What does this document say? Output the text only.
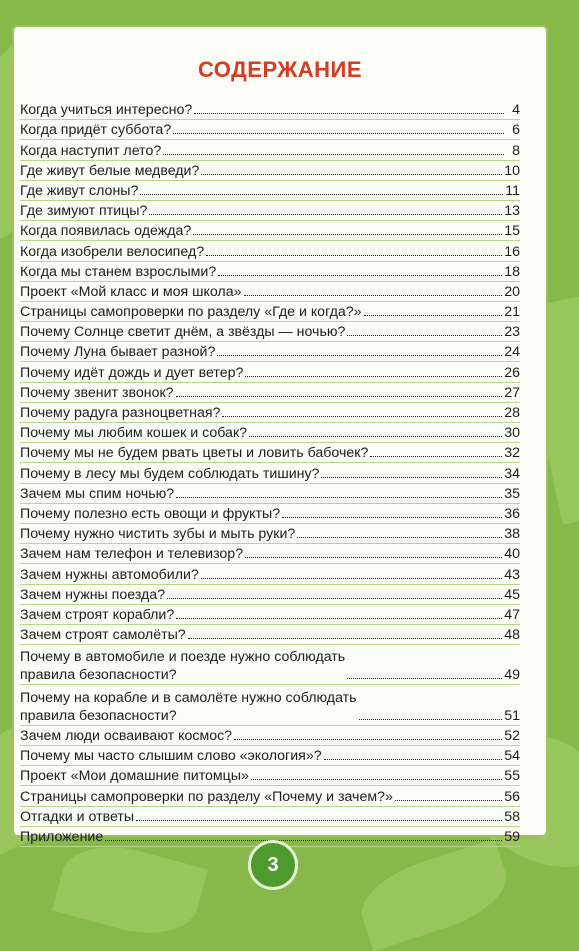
СОДЕРЖАНИЕ
Когда учиться интересно?	4
Когда придёт суббота?	6
Когда наступит лето?	8
Где живут белые медведи?	10
Где живут слоны?	11
Где зимуют птицы?	13
Когда появилась одежда?	15
Когда изобрели велосипед?	16
Когда мы станем взрослыми?	18
Проект «Мой класс и моя школа»	20
Страницы самопроверки по разделу «Где и когда?»	21
Почему Солнце светит днём, а звёзды — ночью?	23
Почему Луна бывает разной?	24
Почему идёт дождь и дует ветер?	26
Почему звенит звонок?	27
Почему радуга разноцветная?	28
Почему мы любим кошек и собак?	30
Почему мы не будем рвать цветы и ловить бабочек?	32
Почему в лесу мы будем соблюдать тишину?	34
Зачем мы спим ночью?	35
Почему полезно есть овощи и фрукты?	36
Почему нужно чистить зубы и мыть руки?	38
Зачем нам телефон и телевизор?	40
Зачем нужны автомобили?	43
Зачем нужны поезда?	45
Зачем строят корабли?	47
Зачем строят самолёты?	48
Почему в автомобиле и поезде нужно соблюдать
правила безопасности?	49
Почему на корабле и в самолёте нужно соблюдать
правила безопасности?	51
Зачем люди осваивают космос?	52
Почему мы часто слышим слово «экология»?	54
Проект «Мои домашние питомцы»	55
Страницы самопроверки по разделу «Почему и зачем?»	56
Отгадки и ответы	58
Приложение	59
3
